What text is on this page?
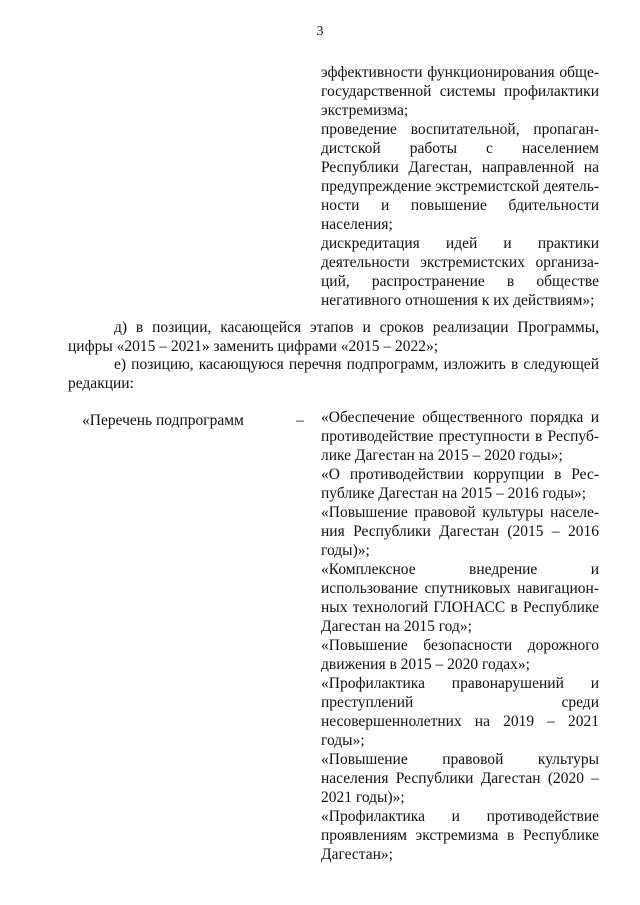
3
эффективности функционирования обще-государственной системы профилактики экстремизма;
проведение воспитательной, пропаган-дистской работы с населением Республики Дагестан, направленной на предупреждение экстремистской деятель-ности и повышение бдительности населения;
дискредитация идей и практики деятельности экстремистских организа-ций, распространение в обществе негативного отношения к их действиям»;
д) в позиции, касающейся этапов и сроков реализации Программы, цифры «2015 – 2021» заменить цифрами «2015 – 2022»;
е) позицию, касающуюся перечня подпрограмм, изложить в следующей редакции:
«Перечень подпрограмм	–	«Обеспечение общественного порядка и противодействие преступности в Респуб-лике Дагестан на 2015 – 2020 годы»;
«О противодействии коррупции в Рес-публике Дагестан на 2015 – 2016 годы»;
«Повышение правовой культуры населе-ния Республики Дагестан (2015 – 2016 годы)»;
«Комплексное внедрение и использование спутниковых навигацион-ных технологий ГЛОНАСС в Республике Дагестан на 2015 год»;
«Повышение безопасности дорожного движения в 2015 – 2020 годах»;
«Профилактика правонарушений и преступлений среди несовершеннолетних на 2019 – 2021 годы»;
«Повышение правовой культуры населения Республики Дагестан (2020 – 2021 годы)»;
«Профилактика и противодействие проявлениям экстремизма в Республике Дагестан»;
